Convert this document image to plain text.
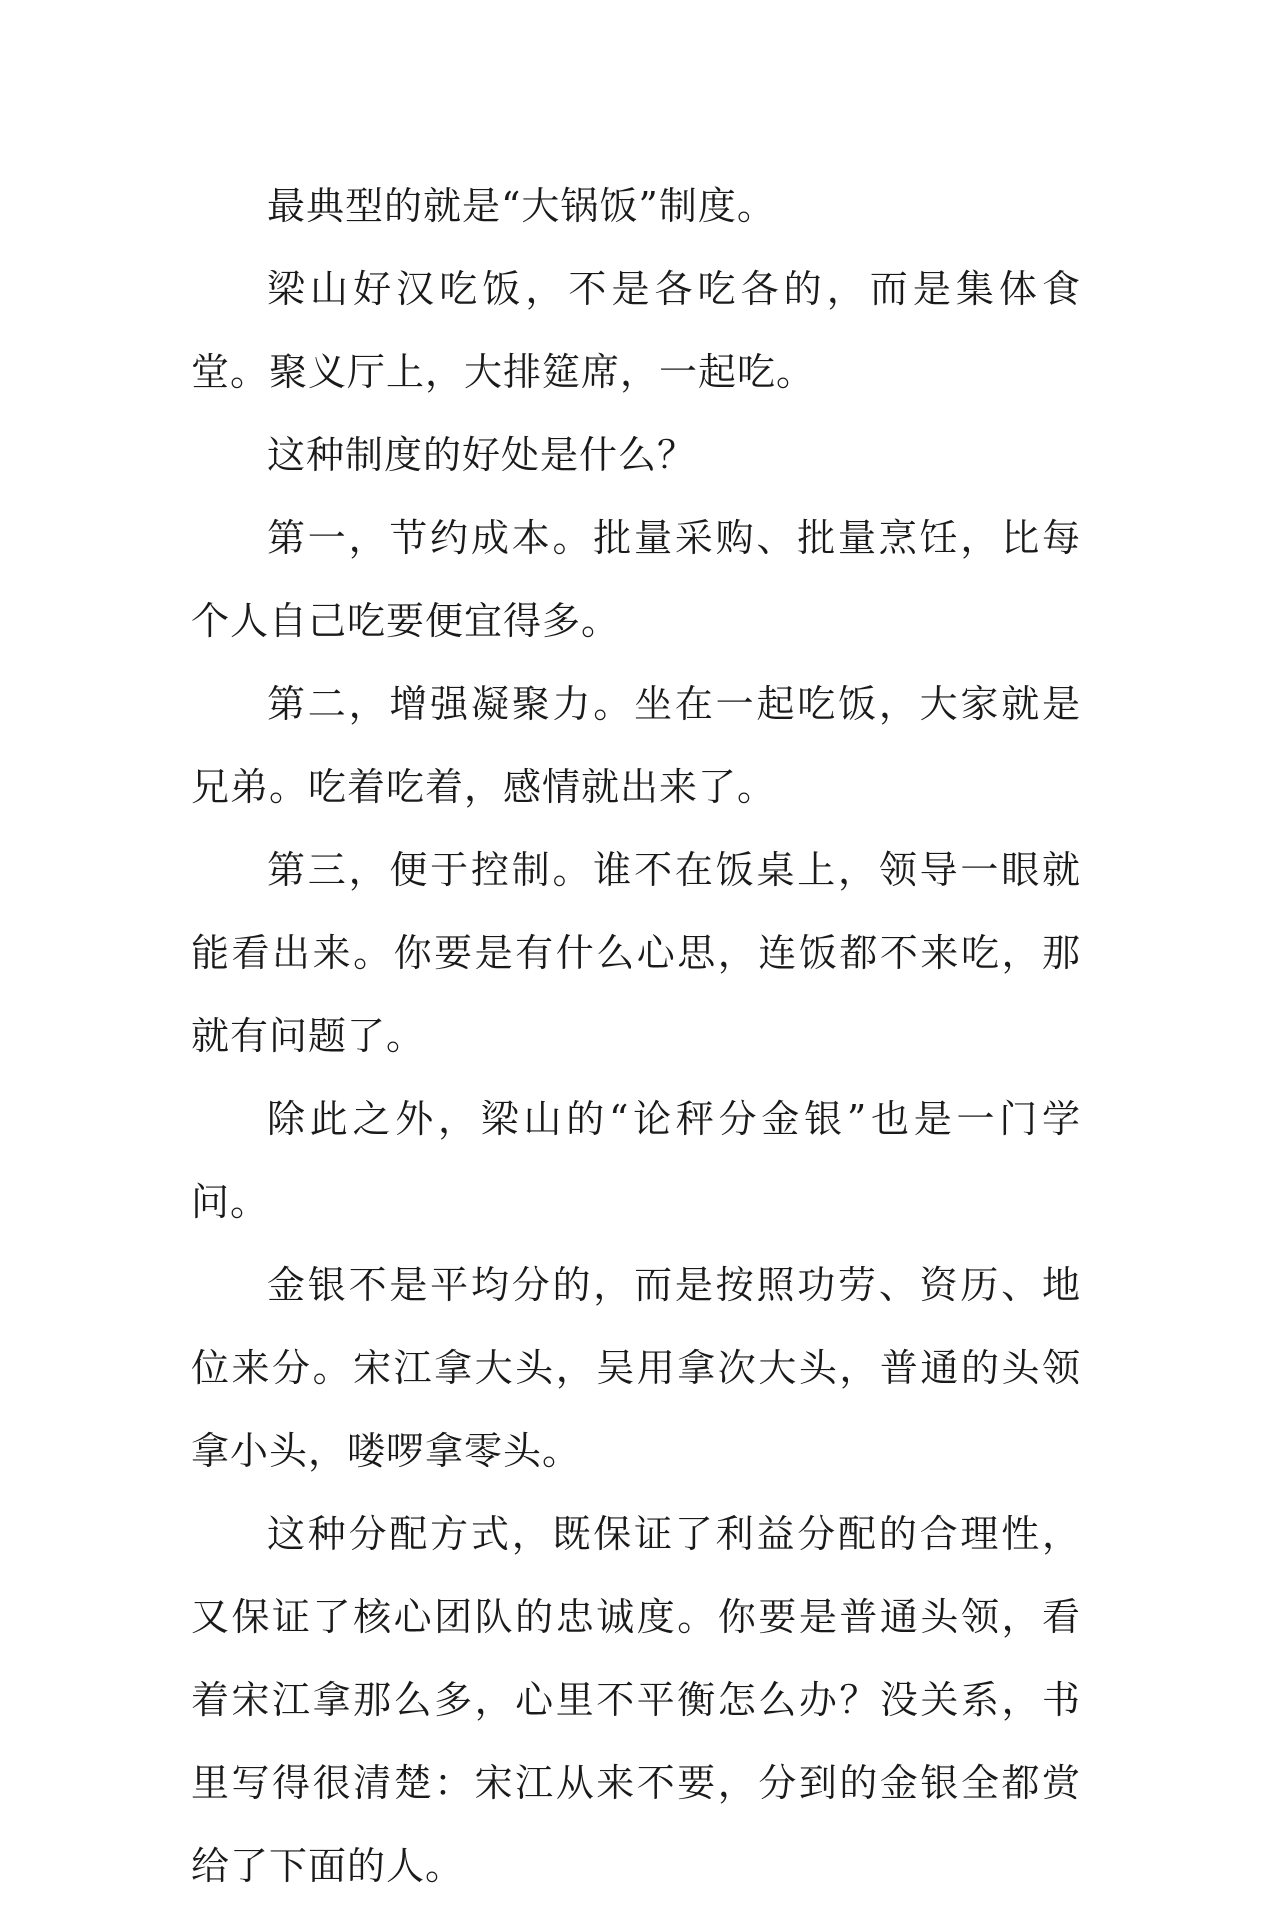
最典型的就是“大锅饭”制度。

梁山好汉吃饭，不是各吃各的，而是集体食堂。聚义厅上，大排筵席，一起吃。

这种制度的好处是什么？

第一，节约成本。批量采购、批量烹饪，比每个人自己吃要便宜得多。

第二，增强凝聚力。坐在一起吃饭，大家就是兄弟。吃着吃着，感情就出来了。

第三，便于控制。谁不在饭桌上，领导一眼就能看出来。你要是有什么心思，连饭都不来吃，那就有问题了。

除此之外，梁山的“论秤分金银”也是一门学问。

金银不是平均分的，而是按照功劳、资历、地位来分。宋江拿大头，吴用拿次大头，普通的头领拿小头，喽啰拿零头。

这种分配方式，既保证了利益分配的合理性，又保证了核心团队的忠诚度。你要是普通头领，看着宋江拿那么多，心里不平衡怎么办？没关系，书里写得很清楚：宋江从来不要，分到的金银全都赏给了下面的人。
